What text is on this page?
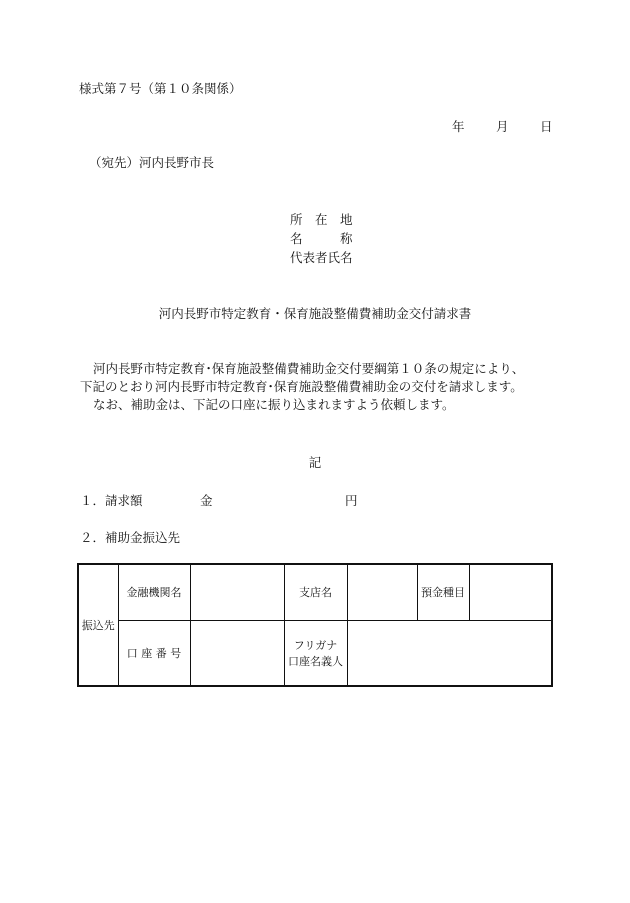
様式第７号（第１０条関係）
年	月	日
（宛先）河内長野市長
所　在　地
名　　　称
代表者氏名
河内長野市特定教育・保育施設整備費補助金交付請求書
河内長野市特定教育･保育施設整備費補助金交付要綱第１０条の規定により、
下記のとおり河内長野市特定教育･保育施設整備費補助金の交付を請求します。
なお、補助金は、下記の口座に振り込まれますよう依頼します。
記
１．請求額	金	円
２．補助金振込先
振込先	金融機関名		支店名		預金種目	
	口 座 番 号		フリガナ
口座名義人			
